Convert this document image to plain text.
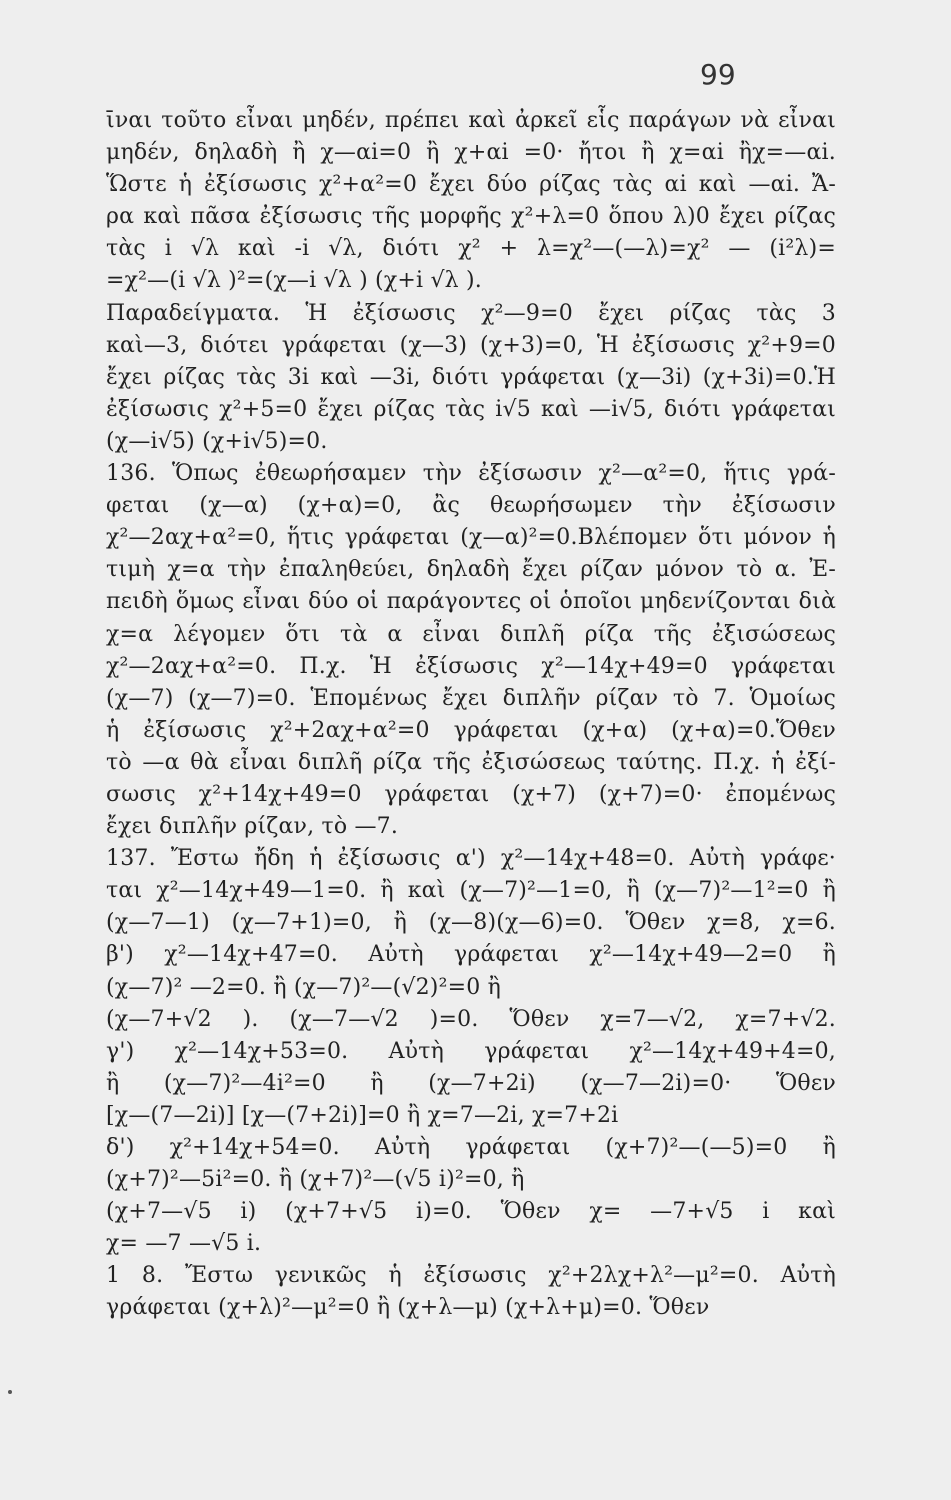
99
ῑναι τοῦτο εἶναι μηδέν, πρέπει καὶ ἀρκεῖ εἷς παράγων νὰ εἶναι
μηδέν, δηλαδὴ ἢ χ—αi=0 ἢ χ+αi =0· ἤτοι ἢ χ=αi ἢχ=—αi.
Ὥστε ἡ ἐξίσωσις χ²+α²=0 ἔχει δύο ρίζας τὰς αi καὶ —αi. Ἄ-
ρα καὶ πᾶσα ἐξίσωσις τῆς μορφῆς χ²+λ=0 ὅπου λ)0 ἔχει ρίζας
τὰς i √λ καὶ -i √λ, διότι χ² + λ=χ²—(—λ)=χ² — (i²λ)=
=χ²—(i √λ )²=(χ—i √λ ) (χ+i √λ ).
Παραδείγματα. Ἡ ἐξίσωσις χ²—9=0 ἔχει ρίζας τὰς 3
καὶ—3, διότει γράφεται (χ—3) (χ+3)=0, Ἡ ἐξίσωσις χ²+9=0
ἔχει ρίζας τὰς 3i καὶ —3i, διότι γράφεται (χ—3i) (χ+3i)=0.Ἡ
ἐξίσωσις χ²+5=0 ἔχει ρίζας τὰς i√5 καὶ —i√5, διότι γράφεται
(χ—i√5) (χ+i√5)=0.
136. Ὅπως ἐθεωρήσαμεν τὴν ἐξίσωσιν χ²—α²=0, ἥτις γρά-
φεται (χ—α) (χ+α)=0, ἂς θεωρήσωμεν τὴν ἐξίσωσιν
χ²—2αχ+α²=0, ἥτις γράφεται (χ—α)²=0.Βλέπομεν ὅτι μόνον ἡ
τιμὴ χ=α τὴν ἐπαληθεύει, δηλαδὴ ἔχει ρίζαν μόνον τὸ α. Ἐ-
πειδὴ ὅμως εἶναι δύο οἱ παράγοντες οἱ ὁποῖοι μηδενίζονται διὰ
χ=α λέγομεν ὅτι τὰ α εἶναι διπλῆ ρίζα τῆς ἐξισώσεως
χ²—2αχ+α²=0. Π.χ. Ἡ ἐξίσωσις χ²—14χ+49=0 γράφεται
(χ—7) (χ—7)=0. Ἑπομένως ἔχει διπλῆν ρίζαν τὸ 7. Ὁμοίως
ἡ ἐξίσωσις χ²+2αχ+α²=0 γράφεται (χ+α) (χ+α)=0.Ὅθεν
τὸ —α θὰ εἶναι διπλῆ ρίζα τῆς ἐξισώσεως ταύτης. Π.χ. ἡ ἐξί-
σωσις χ²+14χ+49=0 γράφεται (χ+7) (χ+7)=0· ἐπομένως
ἔχει διπλῆν ρίζαν, τὸ —7.
137. Ἔστω ἤδη ἡ ἐξίσωσις α') χ²—14χ+48=0. Αὐτὴ γράφε·
ται χ²—14χ+49—1=0. ἢ καὶ (χ—7)²—1=0, ἢ (χ—7)²—1²=0 ἢ
(χ—7—1) (χ—7+1)=0, ἢ (χ—8)(χ—6)=0. Ὅθεν χ=8, χ=6.
β') χ²—14χ+47=0. Αὐτὴ γράφεται χ²—14χ+49—2=0 ἢ
(χ—7)² —2=0. ἢ (χ—7)²—(√2)²=0 ἢ
(χ—7+√2 ). (χ—7—√2 )=0. Ὅθεν χ=7—√2, χ=7+√2.
γ') χ²—14χ+53=0. Αὐτὴ γράφεται χ²—14χ+49+4=0,
ἢ (χ—7)²—4i²=0 ἢ (χ—7+2i) (χ—7—2i)=0· Ὅθεν
[χ—(7—2i)] [χ—(7+2i)]=0 ἢ χ=7—2i, χ=7+2i
δ') χ²+14χ+54=0. Αὐτὴ γράφεται (χ+7)²—(—5)=0 ἢ
(χ+7)²—5i²=0. ἢ (χ+7)²—(√5 i)²=0, ἢ
(χ+7—√5 i) (χ+7+√5 i)=0. Ὅθεν χ= —7+√5 i καὶ
χ= —7 —√5 i.
1 8. Ἔστω γενικῶς ἡ ἐξίσωσις χ²+2λχ+λ²—μ²=0. Αὐτὴ
γράφεται (χ+λ)²—μ²=0 ἢ (χ+λ—μ) (χ+λ+μ)=0. Ὅθεν
